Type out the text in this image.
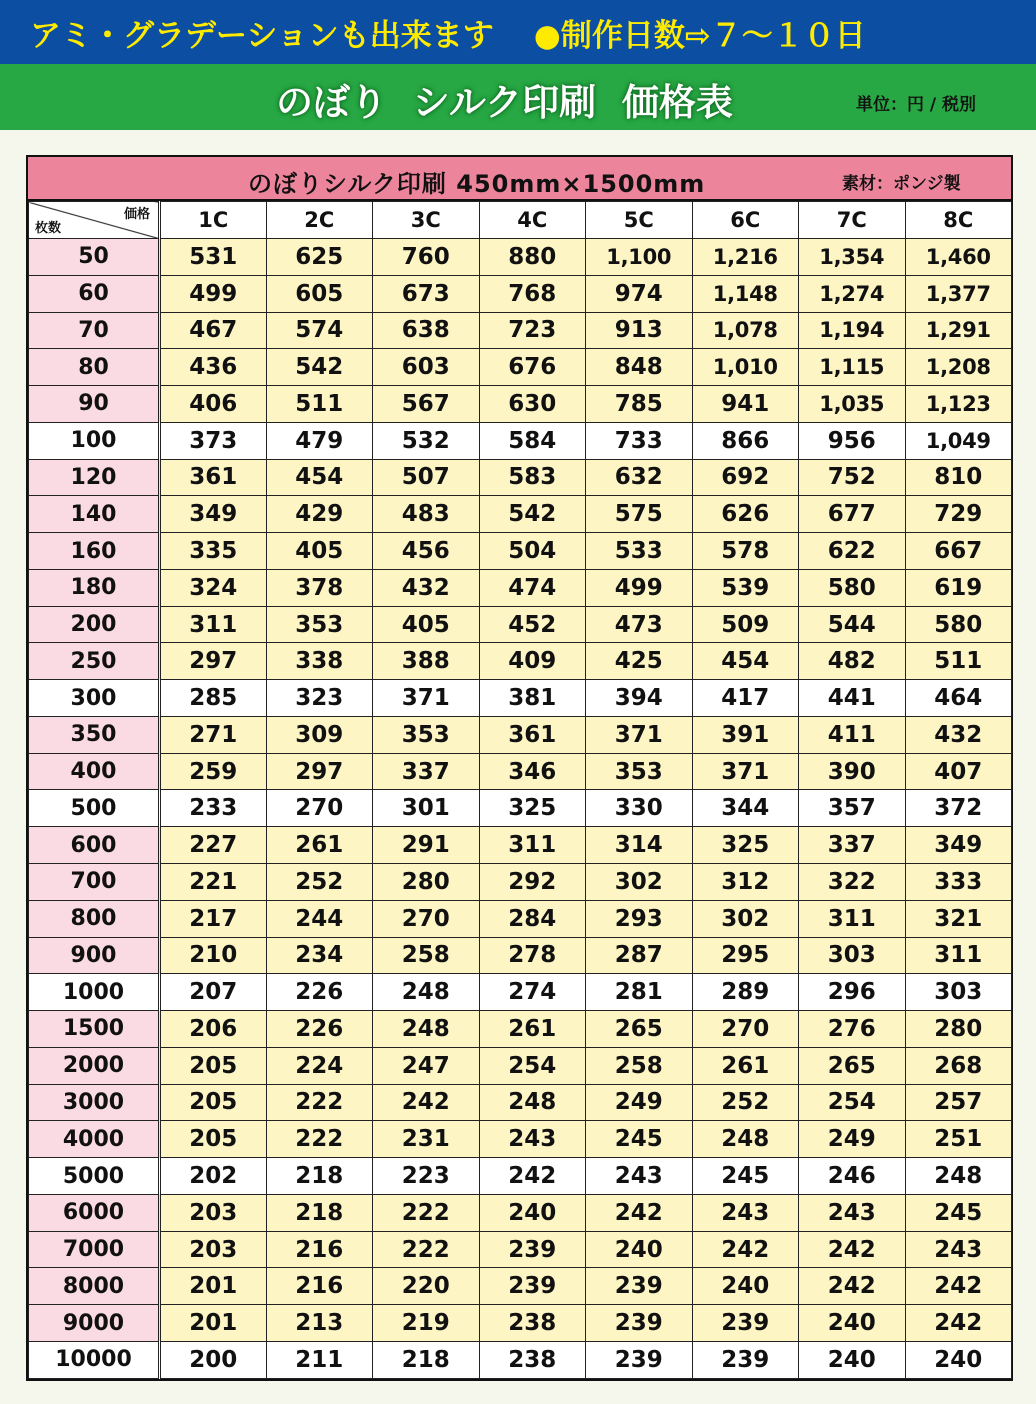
アミ・グラデーションも出来ます ●制作日数⇨７～１０日
のぼり  シルク印刷  価格表	単位：円 / 税別
のぼりシルク印刷 450mm×1500mm	素材：ポンジ製
価格
枚数	1C	2C	3C	4C	5C	6C	7C	8C
50	531	625	760	880	1,100	1,216	1,354	1,460
60	499	605	673	768	974	1,148	1,274	1,377
70	467	574	638	723	913	1,078	1,194	1,291
80	436	542	603	676	848	1,010	1,115	1,208
90	406	511	567	630	785	941	1,035	1,123
100	373	479	532	584	733	866	956	1,049
120	361	454	507	583	632	692	752	810
140	349	429	483	542	575	626	677	729
160	335	405	456	504	533	578	622	667
180	324	378	432	474	499	539	580	619
200	311	353	405	452	473	509	544	580
250	297	338	388	409	425	454	482	511
300	285	323	371	381	394	417	441	464
350	271	309	353	361	371	391	411	432
400	259	297	337	346	353	371	390	407
500	233	270	301	325	330	344	357	372
600	227	261	291	311	314	325	337	349
700	221	252	280	292	302	312	322	333
800	217	244	270	284	293	302	311	321
900	210	234	258	278	287	295	303	311
1000	207	226	248	274	281	289	296	303
1500	206	226	248	261	265	270	276	280
2000	205	224	247	254	258	261	265	268
3000	205	222	242	248	249	252	254	257
4000	205	222	231	243	245	248	249	251
5000	202	218	223	242	243	245	246	248
6000	203	218	222	240	242	243	243	245
7000	203	216	222	239	240	242	242	243
8000	201	216	220	239	239	240	242	242
9000	201	213	219	238	239	239	240	242
10000	200	211	218	238	239	239	240	240
